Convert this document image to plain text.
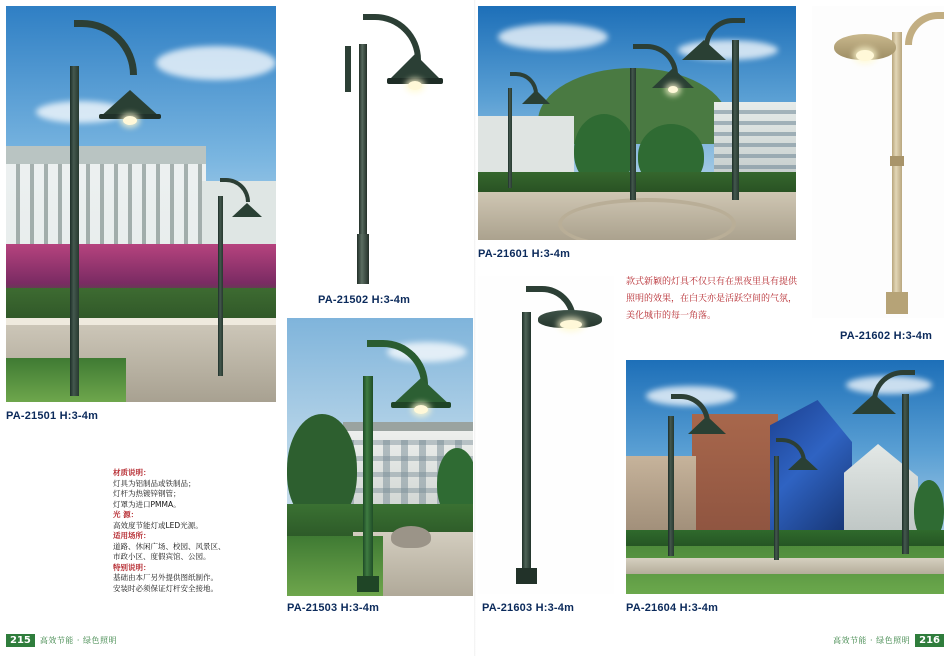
PA-21501 H:3-4m
PA-21502 H:3-4m
PA-21503 H:3-4m
材质说明：
灯具为铝制品或铁制品；
灯杆为热镀锌钢管；
灯罩为进口PMMA。
光 源：
高效度节能灯或LED光源。
适用场所：
道路、休闲广场、校园、风景区、
市政小区、度假宾馆、公园。
特别说明：
基础由本厂另外提供图纸制作。
安装时必须保证灯杆安全接地。
PA-21601 H:3-4m
PA-21602 H:3-4m
款式新颖的灯具不仅只有在黑夜里具有提供照明的效果，在白天亦是活跃空间的气氛，美化城市的每一角落。
PA-21603 H:3-4m	PA-21604 H:3-4m
215	高效节能 · 绿色照明	高效节能 · 绿色照明 216
